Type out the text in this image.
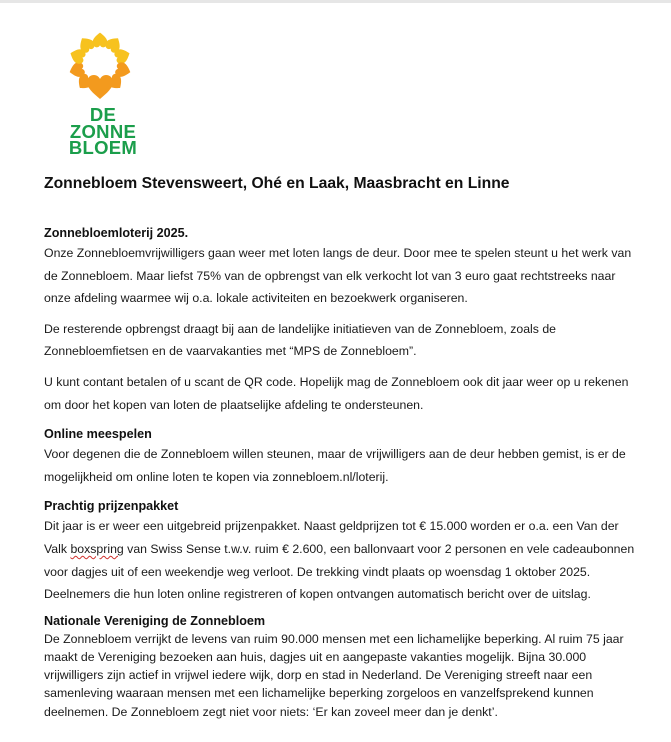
DE
ZONNE
BLOEM
Zonnebloem Stevensweert, Ohé en Laak, Maasbracht en Linne
Zonnebloemloterij 2025.

Onze Zonnebloemvrijwilligers gaan weer met loten langs de deur. Door mee te spelen steunt u het werk van de Zonnebloem. Maar liefst 75% van de opbrengst van elk verkocht lot van 3 euro gaat rechtstreeks naar onze afdeling waarmee wij o.a. lokale activiteiten en bezoekwerk organiseren.

De resterende opbrengst draagt bij aan de landelijke initiatieven van de Zonnebloem, zoals de Zonnebloemfietsen en de vaarvakanties met “MPS de Zonnebloem”.

U kunt contant betalen of u scant de QR code. Hopelijk mag de Zonnebloem ook dit jaar weer op u rekenen om door het kopen van loten de plaatselijke afdeling te ondersteunen.

Online meespelen

Voor degenen die de Zonnebloem willen steunen, maar de vrijwilligers aan de deur hebben gemist, is er de mogelijkheid om online loten te kopen via zonnebloem.nl/loterij.

Prachtig prijzenpakket

Dit jaar is er weer een uitgebreid prijzenpakket. Naast geldprijzen tot € 15.000 worden er o.a. een Van der Valk boxspring van Swiss Sense t.w.v. ruim € 2.600, een ballonvaart voor 2 personen en vele cadeaubonnen voor dagjes uit of een weekendje weg verloot. De trekking vindt plaats op woensdag 1 oktober 2025. Deelnemers die hun loten online registreren of kopen ontvangen automatisch bericht over de uitslag.

Nationale Vereniging de Zonnebloem

De Zonnebloem verrijkt de levens van ruim 90.000 mensen met een lichamelijke beperking. Al ruim 75 jaar maakt de Vereniging bezoeken aan huis, dagjes uit en aangepaste vakanties mogelijk. Bijna 30.000 vrijwilligers zijn actief in vrijwel iedere wijk, dorp en stad in Nederland. De Vereniging streeft naar een samenleving waaraan mensen met een lichamelijke beperking zorgeloos en vanzelfsprekend kunnen deelnemen. De Zonnebloem zegt niet voor niets: ‘Er kan zoveel meer dan je denkt’.
